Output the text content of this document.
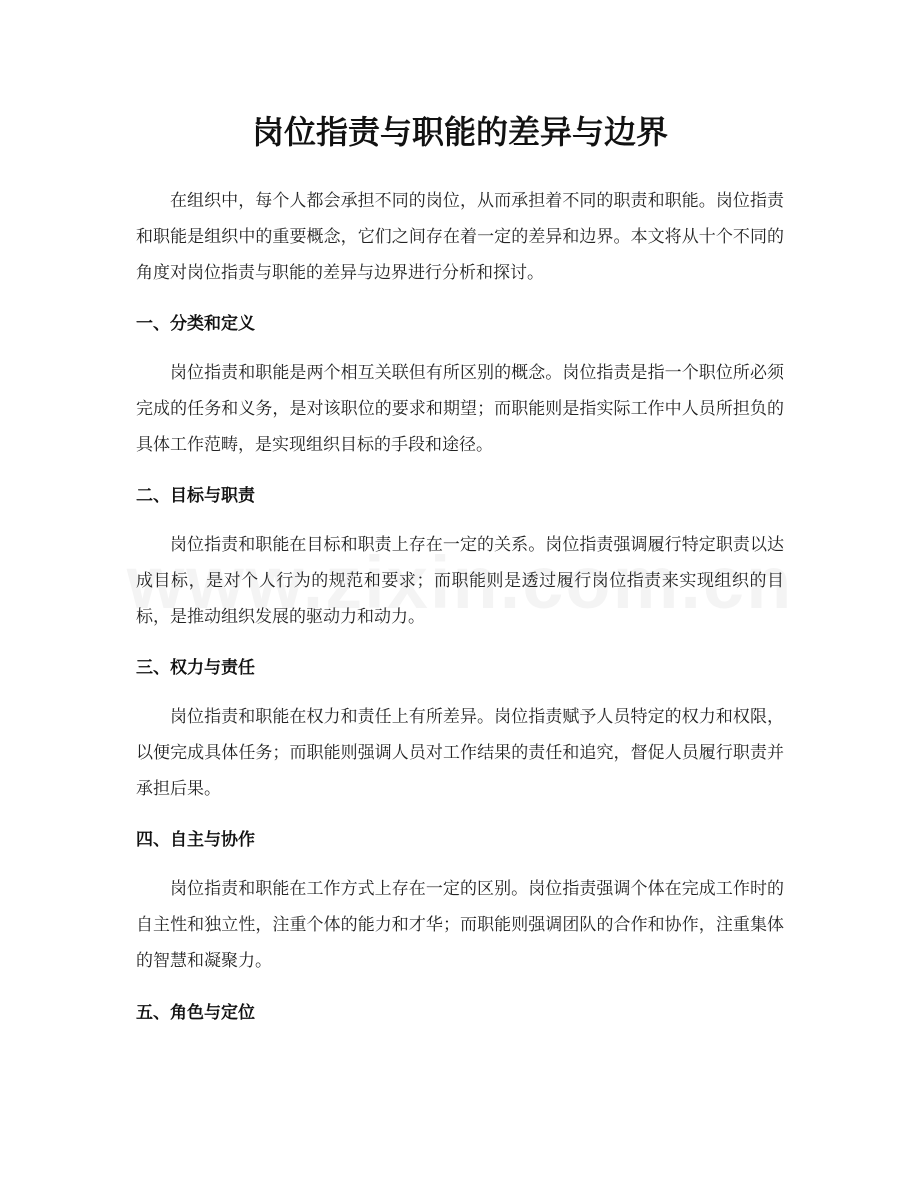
岗位指责与职能的差异与边界

在组织中，每个人都会承担不同的岗位，从而承担着不同的职责和职能。岗位指责和职能是组织中的重要概念，它们之间存在着一定的差异和边界。本文将从十个不同的角度对岗位指责与职能的差异与边界进行分析和探讨。

一、分类和定义

岗位指责和职能是两个相互关联但有所区别的概念。岗位指责是指一个职位所必须完成的任务和义务，是对该职位的要求和期望；而职能则是指实际工作中人员所担负的具体工作范畴，是实现组织目标的手段和途径。

二、目标与职责

岗位指责和职能在目标和职责上存在一定的关系。岗位指责强调履行特定职责以达成目标，是对个人行为的规范和要求；而职能则是透过履行岗位指责来实现组织的目标，是推动组织发展的驱动力和动力。

三、权力与责任

岗位指责和职能在权力和责任上有所差异。岗位指责赋予人员特定的权力和权限，以便完成具体任务；而职能则强调人员对工作结果的责任和追究，督促人员履行职责并承担后果。

四、自主与协作

岗位指责和职能在工作方式上存在一定的区别。岗位指责强调个体在完成工作时的自主性和独立性，注重个体的能力和才华；而职能则强调团队的合作和协作，注重集体的智慧和凝聚力。

五、角色与定位
